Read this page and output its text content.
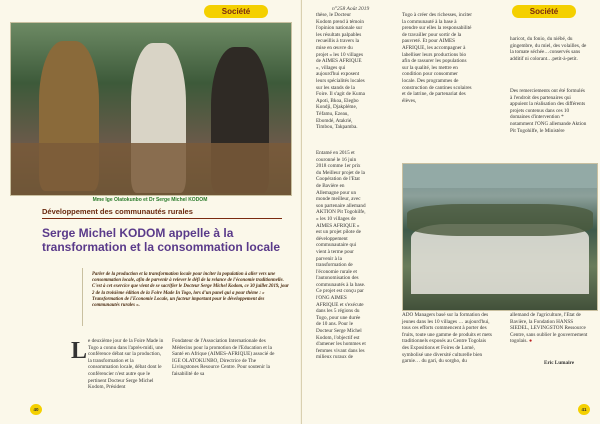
Société
Mme Ige Olatokunbo et Dr Serge Michel KODOM
Développement des communautés rurales
Serge Michel KODOM appelle à la transformation et la consommation locale
Parler de la production et la transformation locale pour inciter la population à aller vers une consommation locale, afin de parvenir à relever le défi de la relance de l'économie traditionnelle. C'est à cet exercice que vient de se sacrifier le Docteur Serge Michel Kodom, ce 30 juillet 2019, jour 2 de la troisième édition de la Foire Made In Togo, lors d'un panel qui a pour thème : « Transformation de l'Economie Locale, un facteur important pour le développement des communautés rurales ».
L e deuxième jour de la Foire Made in Togo a connu dans l'après-midi, une conférence débat sur la production, la transformation et la consommation locale, débat dont le conférencier n'est autre que le pertinent Docteur Serge Michel Kodom, Président
Fondateur de l'Association Internationale des Médecins pour la promotion de l'Education et la Santé en Afrique (AIMES-AFRIQUE) associé de IGE OLATOKUNBO, Directrice de The Livingstones Resource Centre. Pour soutenir la faisabilité de sa
40
n°258 Août 2019	Société
thèse, le Docteur Kodom prend à témoin l'opinion nationale sur les résultats palpables recueillis à travers la mise en œuvre du projet « les 10 villages de AIMES AFRIQUE », villages qui aujourd'hui exposent leurs spécialités locales sur les stands de la Foire. Il s'agit de Kuma Apoti, Bkoa, Elegbo Kondji, Djakpléme, Téfamu, Ezeau, Ebomdé, Atakrié, Timbou, Takpamba.
Entamé en 2015 et couronné le 16 juin 2018 comme 1er prix du Meilleur projet de la Coopération de l'Etat de Bavière en Allemagne pour un monde meilleur, avec son partenaire allemand AKTION Pit Togohilfe, « les 10 villages de AIMES AFRIQUE » est un projet pilote de développement communautaire qui vient à terme pour parvenir à la transformation de l'économie rurale et l'autonomisation des communautés à la base. Ce projet est conçu par l'ONG AIMES AFRIQUE et s'exécute dans les 5 régions du Togo, pour une durée de 10 ans. Pour le Docteur Serge Michel Kodom, l'objectif est d'amener les hommes et femmes vivant dans les milieux ruraux de
Togo à créer des richesses, inciter la communauté à la base à prendre sur elles la responsabilité de travailler pour sortir de la pauvreté. Et pour AIMES AFRIQUE, les accompagner à labelliser leurs productions bio afin de rassurer les populations sur la qualité, les mettre en condition pour consommer locale. Des programmes de construction de cantines scolaires et de latrine, de partenariat des élèves,
ADO Managers basé sur la formation des jeunes dans les 10 villages … aujourd'hui, tous ces efforts commencent à porter des fruits, toute une gamme de produits et mets traditionnels exposés au Centre Togolais des Expositions et Foires de Lomé, symbolisé une diversité culturelle bien garnie… du gari, du sorgho, du
haricot, du fonio, du niébé, du gingembre, du miel, des volailles, de la tomate séchée…conservés sans additif ni colorant…petit-à-petit.
Des remerciements ont été formulés à l'endroit des partenaires qui appuient la réalisation des différents projets contenus dans ces 10 domaines d'intervention * notamment l'ONG allemande Aktion Pit Togohilfe, le Ministère
allemand de l'agriculture, l'Etat de Bavière, la Fondation HANSS SIEDEL, LEVINGSTON Ressource Centre, sans oublier le gouvernement togolais. ●
Eric Lumaire
41
